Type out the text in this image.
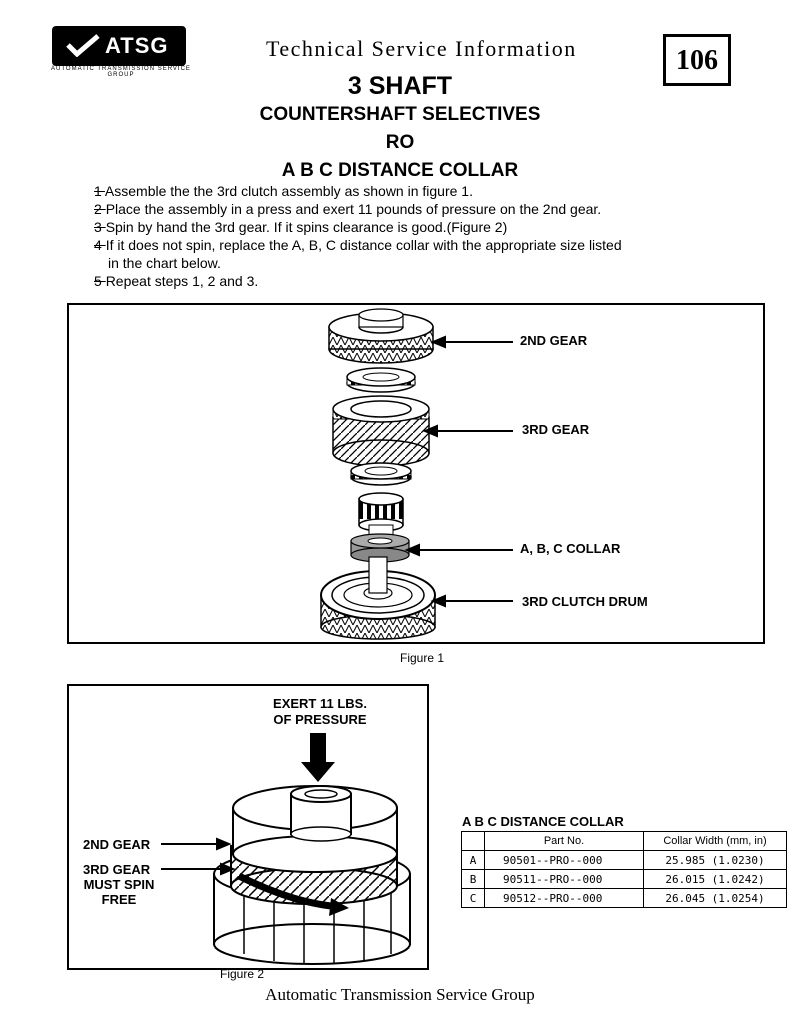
ATSG
AUTOMATIC TRANSMISSION SERVICE GROUP
Technical Service Information	106
3 SHAFT
COUNTERSHAFT SELECTIVES
RO
A B C DISTANCE COLLAR
1 Assemble the the 3rd clutch assembly as shown in figure 1.
2 Place the assembly in a press and exert 11 pounds of pressure on the 2nd gear.
3 Spin by hand the 3rd gear. If it spins clearance is good.(Figure 2)
4 If it does not spin, replace the A, B, C distance collar with the appropriate size listed
in the chart below.
5 Repeat steps 1, 2 and 3.
2ND GEAR
3RD GEAR
A, B, C COLLAR
3RD CLUTCH DRUM
Figure 1
EXERT 11 LBS.
OF PRESSURE
2ND GEAR
3RD GEAR
MUST SPIN
FREE
Figure 2
A B C DISTANCE COLLAR
	Part No.	Collar Width (mm, in)
A	90501--PRO--000	25.985 (1.0230)
B	90511--PRO--000	26.015 (1.0242)
C	90512--PRO--000	26.045 (1.0254)
Automatic Transmission Service Group
